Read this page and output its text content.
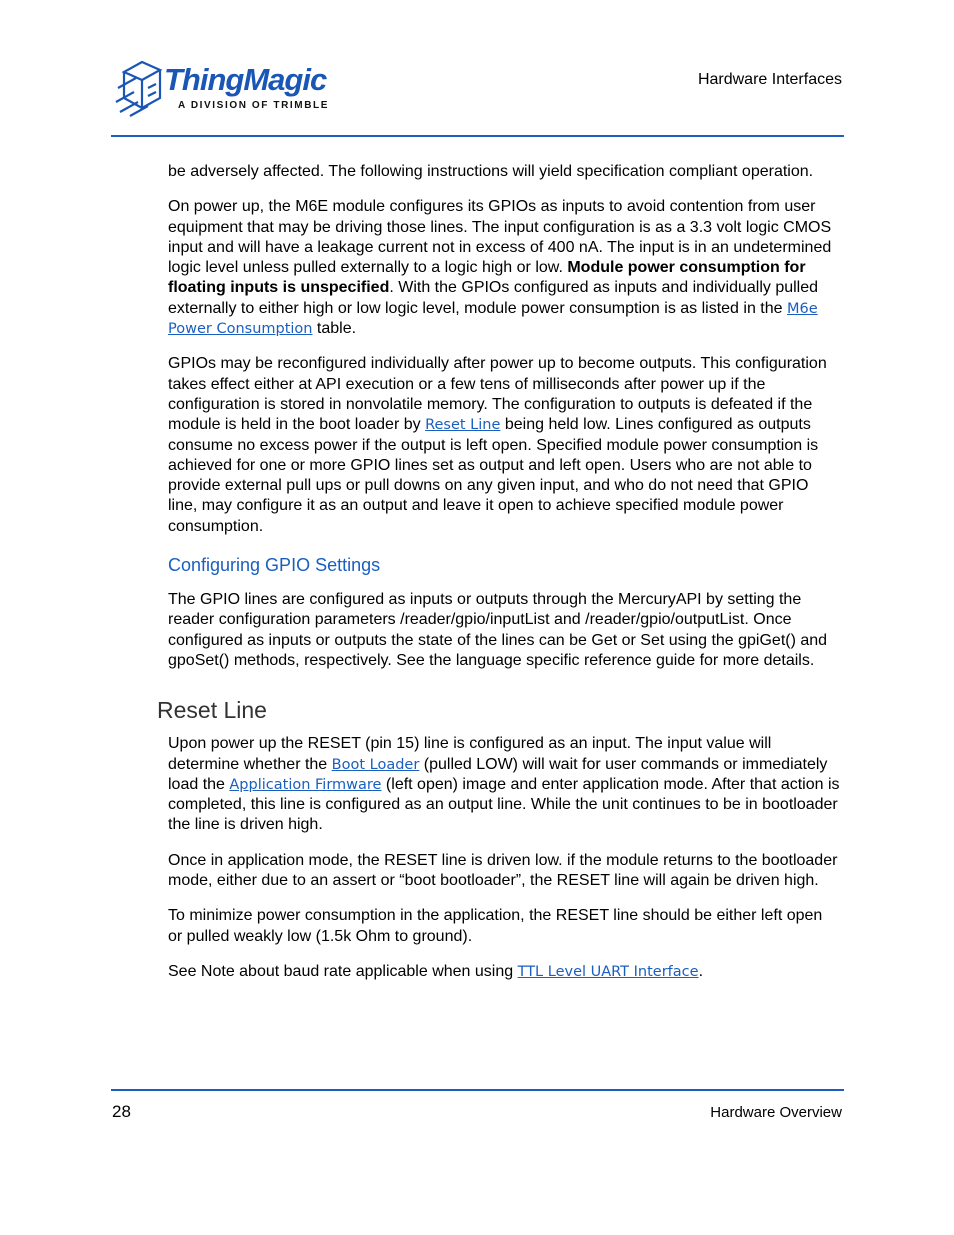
ThingMagic
A DIVISION OF TRIMBLE
Hardware Interfaces

be adversely affected. The following instructions will yield specification compliant operation.

On power up, the M6E module configures its GPIOs as inputs to avoid contention from user equipment that may be driving those lines. The input configuration is as a 3.3 volt logic CMOS input and will have a leakage current not in excess of 400 nA. The input is in an undetermined logic level unless pulled externally to a logic high or low. Module power consumption for floating inputs is unspecified. With the GPIOs configured as inputs and individually pulled externally to either high or low logic level, module power consumption is as listed in the M6e Power Consumption table.

GPIOs may be reconfigured individually after power up to become outputs. This configuration takes effect either at API execution or a few tens of milliseconds after power up if the configuration is stored in nonvolatile memory. The configuration to outputs is defeated if the module is held in the boot loader by Reset Line being held low. Lines configured as outputs consume no excess power if the output is left open. Specified module power consumption is achieved for one or more GPIO lines set as output and left open. Users who are not able to provide external pull ups or pull downs on any given input, and who do not need that GPIO line, may configure it as an output and leave it open to achieve specified module power consumption.

Configuring GPIO Settings

The GPIO lines are configured as inputs or outputs through the MercuryAPI by setting the reader configuration parameters /reader/gpio/inputList and /reader/gpio/outputList. Once configured as inputs or outputs the state of the lines can be Get or Set using the gpiGet() and gpoSet() methods, respectively. See the language specific reference guide for more details.

Reset Line

Upon power up the RESET (pin 15) line is configured as an input. The input value will determine whether the Boot Loader (pulled LOW) will wait for user commands or immediately load the Application Firmware (left open) image and enter application mode. After that action is completed, this line is configured as an output line. While the unit continues to be in bootloader the line is driven high.

Once in application mode, the RESET line is driven low. if the module returns to the bootloader mode, either due to an assert or “boot bootloader”, the RESET line will again be driven high.

To minimize power consumption in the application, the RESET line should be either left open or pulled weakly low (1.5k Ohm to ground).

See Note about baud rate applicable when using TTL Level UART Interface.

28	Hardware Overview
